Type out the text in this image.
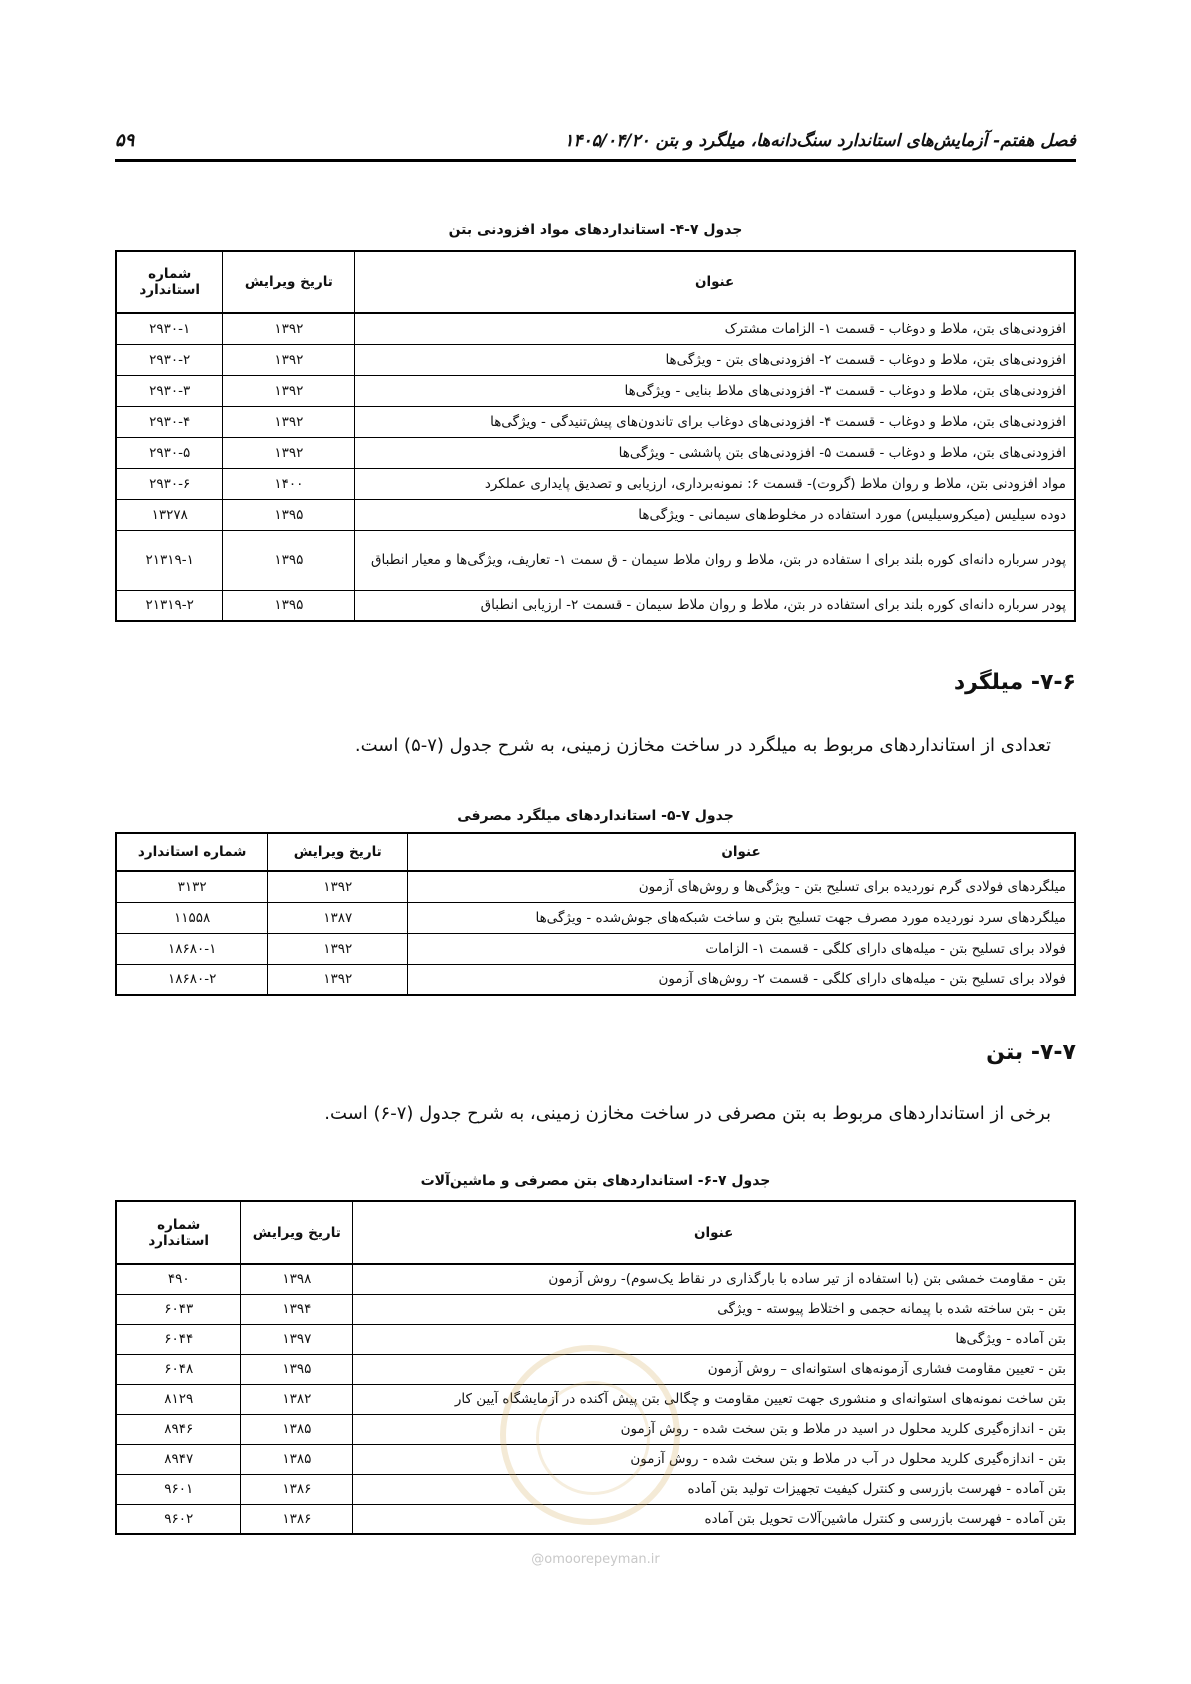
فصل هفتم- آزمایش‌های استاندارد سنگ‌دانه‌ها، میلگرد و بتن ۱۴۰۵/۰۴/۲۰
۵۹
جدول ۷-۴- استانداردهای مواد افزودنی بتن
عنوان	تاریخ ویرایش	شماره استاندارد
افزودنی‌های بتن، ملاط و دوغاب - قسمت ۱- الزامات مشترک	۱۳۹۲	۲۹۳۰-۱
افزودنی‌های بتن، ملاط و دوغاب - قسمت ۲- افزودنی‌های بتن - ویژگی‌ها	۱۳۹۲	۲۹۳۰-۲
افزودنی‌های بتن، ملاط و دوغاب - قسمت ۳- افزودنی‌های ملاط بنایی - ویژگی‌ها	۱۳۹۲	۲۹۳۰-۳
افزودنی‌های بتن، ملاط و دوغاب - قسمت ۴- افزودنی‌های دوغاب برای تاندون‌های پیش‌تنیدگی - ویژگی‌ها	۱۳۹۲	۲۹۳۰-۴
افزودنی‌های بتن، ملاط و دوغاب - قسمت ۵- افزودنی‌های بتن پاششی - ویژگی‌ها	۱۳۹۲	۲۹۳۰-۵
مواد افزودنی بتن، ملاط و روان ملاط (گروت)- قسمت ۶: نمونه‌برداری، ارزیابی و تصدیق پایداری عملکرد	۱۴۰۰	۲۹۳۰-۶
دوده سیلیس (میکروسیلیس) مورد استفاده در مخلوط‌های سیمانی - ویژگی‌ها	۱۳۹۵	۱۳۲۷۸
پودر سرباره دانه‌ای کوره بلند برای ا ستفاده در بتن، ملاط و روان ملاط سیمان - ق سمت ۱- تعاریف، ویژگی‌ها و معیار انطباق	۱۳۹۵	۲۱۳۱۹-۱
پودر سرباره دانه‌ای کوره بلند برای استفاده در بتن، ملاط و روان ملاط سیمان - قسمت ۲- ارزیابی انطباق	۱۳۹۵	۲۱۳۱۹-۲
۷-۶- میلگرد
تعدادی از استانداردهای مربوط به میلگرد در ساخت مخازن زمینی، به شرح جدول (۷-۵) است.
جدول ۷-۵- استانداردهای میلگرد مصرفی
عنوان	تاریخ ویرایش	شماره استاندارد
میلگردهای فولادی گرم نوردیده برای تسلیح بتن - ویژگی‌ها و روش‌های آزمون	۱۳۹۲	۳۱۳۲
میلگردهای سرد نوردیده مورد مصرف جهت تسلیح بتن و ساخت شبکه‌های جوش‌شده - ویژگی‌ها	۱۳۸۷	۱۱۵۵۸
فولاد برای تسلیح بتن - میله‌های دارای کلگی - قسمت ۱- الزامات	۱۳۹۲	۱۸۶۸۰-۱
فولاد برای تسلیح بتن - میله‌های دارای کلگی - قسمت ۲- روش‌های آزمون	۱۳۹۲	۱۸۶۸۰-۲
۷-۷- بتن
برخی از استانداردهای مربوط به بتن مصرفی در ساخت مخازن زمینی، به شرح جدول (۷-۶) است.
جدول ۷-۶- استانداردهای بتن مصرفی و ماشین‌آلات
عنوان	تاریخ ویرایش	شماره استاندارد
بتن - مقاومت خمشی بتن (با استفاده از تیر ساده با بارگذاری در نقاط یک‌سوم)- روش آزمون	۱۳۹۸	۴۹۰
بتن - بتن ساخته شده با پیمانه حجمی و اختلاط پیوسته - ویژگی	۱۳۹۴	۶۰۴۳
بتن آماده - ویژگی‌ها	۱۳۹۷	۶۰۴۴
بتن - تعیین مقاومت فشاری آزمونه‌های استوانه‌ای – روش آزمون	۱۳۹۵	۶۰۴۸
بتن ساخت نمونه‌های استوانه‌ای و منشوری جهت تعیین مقاومت و چگالی بتن پیش آکنده در آزمایشگاه آیین کار	۱۳۸۲	۸۱۲۹
بتن - اندازه‌گیری کلرید محلول در اسید در ملاط و بتن سخت شده - روش آزمون	۱۳۸۵	۸۹۴۶
بتن - اندازه‌گیری کلرید محلول در آب در ملاط و بتن سخت شده - روش آزمون	۱۳۸۵	۸۹۴۷
بتن آماده - فهرست بازرسی و کنترل کیفیت تجهیزات تولید بتن آماده	۱۳۸۶	۹۶۰۱
بتن آماده - فهرست بازرسی و کنترل ماشین‌آلات تحویل بتن آماده	۱۳۸۶	۹۶۰۲
@omoorepeyman.ir
